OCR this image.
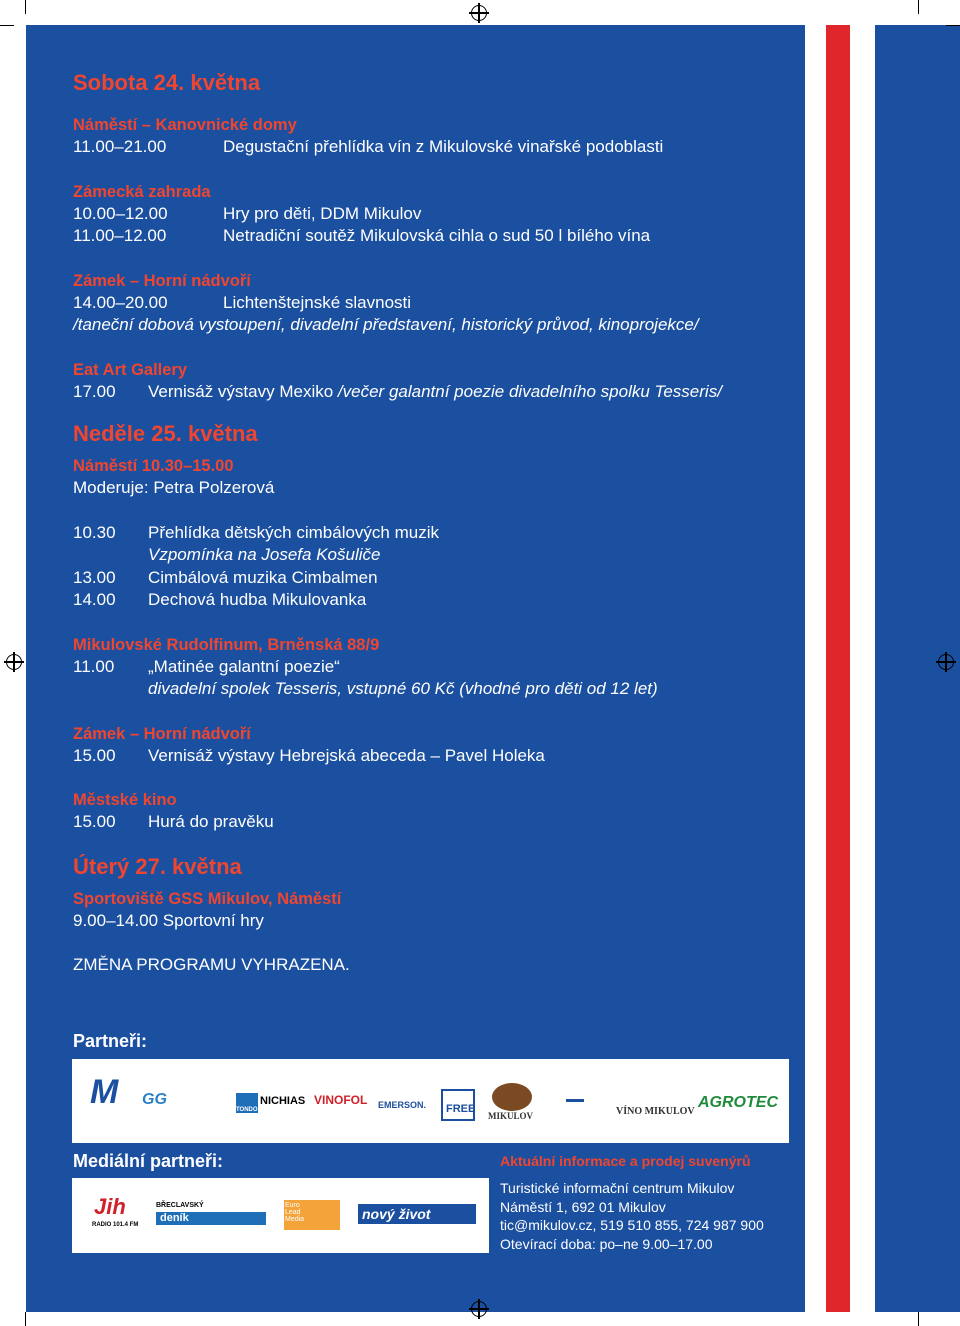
Sobota 24. května
Náměstí – Kanovnické domy
11.00–21.00	Degustační přehlídka vín z Mikulovské vinařské podoblasti
Zámecká zahrada
10.00–12.00	Hry pro děti, DDM Mikulov
11.00–12.00	Netradiční soutěž Mikulovská cihla o sud 50 l bílého vína
Zámek – Horní nádvoří
14.00–20.00	Lichtenštejnské slavnosti
/taneční dobová vystoupení, divadelní představení, historický průvod, kinoprojekce/
Eat Art Gallery
17.00 Vernisáž výstavy Mexiko /večer galantní poezie divadelního spolku Tesseris/
Neděle 25. května
Náměstí 10.30–15.00
Moderuje: Petra Polzerová
10.30 Přehlídka dětských cimbálových muzik
Vzpomínka na Josefa Košuliče
13.00 Cimbálová muzika Cimbalmen
14.00 Dechová hudba Mikulovanka
Mikulovské Rudolfinum, Brněnská 88/9
11.00 „Matinée galantní poezie“
divadelní spolek Tesseris, vstupné 60 Kč (vhodné pro děti od 12 let)
Zámek – Horní nádvoří
15.00 Vernisáž výstavy Hebrejská abeceda – Pavel Holeka
Městské kino
15.00 Hurá do pravěku
Úterý 27. května
Sportoviště GSS Mikulov, Náměstí
9.00–14.00 Sportovní hry
ZMĚNA PROGRAMU VYHRAZENA.
Partneři:
M GG
TONDO
NICHIAS VINOFOL EMERSON. FREE
MIKULOV	VÍNO MIKULOV
AGROTEC
Mediální partneři:
Jih
RADIO 101.4 FM
BŘECLAVSKÝ
deník
Euro Lead Media	nový život
Aktuální informace a prodej suvenýrů
Turistické informační centrum Mikulov
Náměstí 1, 692 01 Mikulov
tic@mikulov.cz, 519 510 855, 724 987 900
Otevírací doba: po–ne 9.00–17.00
